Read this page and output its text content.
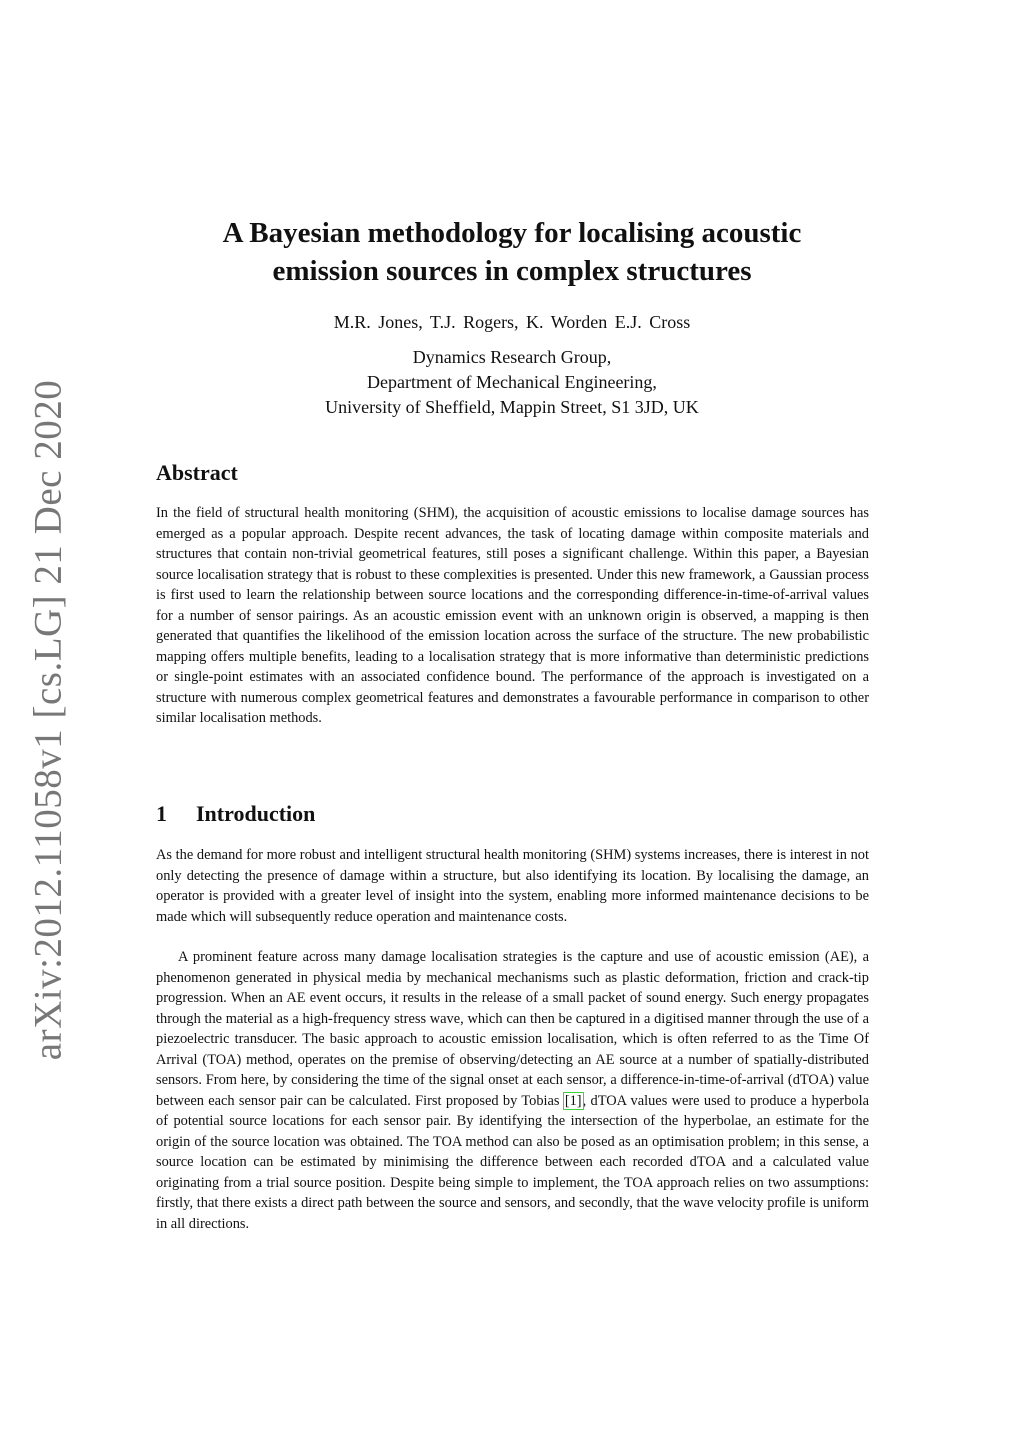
arXiv:2012.11058v1 [cs.LG] 21 Dec 2020
A Bayesian methodology for localising acoustic
emission sources in complex structures
M.R. Jones, T.J. Rogers, K. Worden E.J. Cross
Dynamics Research Group,
Department of Mechanical Engineering,
University of Sheffield, Mappin Street, S1 3JD, UK
Abstract

In the field of structural health monitoring (SHM), the acquisition of acoustic emissions to localise damage sources has emerged as a popular approach. Despite recent advances, the task of locating damage within composite materials and structures that contain non-trivial geometrical features, still poses a significant challenge. Within this paper, a Bayesian source localisation strategy that is robust to these complexities is presented. Under this new framework, a Gaussian process is first used to learn the relationship between source locations and the corresponding difference-in-time-of-arrival values for a number of sensor pairings. As an acoustic emission event with an unknown origin is observed, a mapping is then generated that quantifies the likelihood of the emission location across the surface of the structure. The new probabilistic mapping offers multiple benefits, leading to a localisation strategy that is more informative than deterministic predictions or single-point estimates with an associated confidence bound. The performance of the approach is investigated on a structure with numerous complex geometrical features and demonstrates a favourable performance in comparison to other similar localisation methods.

1 Introduction

As the demand for more robust and intelligent structural health monitoring (SHM) systems increases, there is interest in not only detecting the presence of damage within a structure, but also identifying its location. By localising the damage, an operator is provided with a greater level of insight into the system, enabling more informed maintenance decisions to be made which will subsequently reduce operation and maintenance costs.

A prominent feature across many damage localisation strategies is the capture and use of acoustic emission (AE), a phenomenon generated in physical media by mechanical mechanisms such as plastic deformation, friction and crack-tip progression. When an AE event occurs, it results in the release of a small packet of sound energy. Such energy propagates through the material as a high-frequency stress wave, which can then be captured in a digitised manner through the use of a piezoelectric transducer. The basic approach to acoustic emission localisation, which is often referred to as the Time Of Arrival (TOA) method, operates on the premise of observing/detecting an AE source at a number of spatially-distributed sensors. From here, by considering the time of the signal onset at each sensor, a difference-in-time-of-arrival (dTOA) value between each sensor pair can be calculated. First proposed by Tobias [1], dTOA values were used to produce a hyperbola of potential source locations for each sensor pair. By identifying the intersection of the hyperbolae, an estimate for the origin of the source location was obtained. The TOA method can also be posed as an optimisation problem; in this sense, a source location can be estimated by minimising the difference between each recorded dTOA and a calculated value originating from a trial source position. Despite being simple to implement, the TOA approach relies on two assumptions: firstly, that there exists a direct path between the source and sensors, and secondly, that the wave velocity profile is uniform in all directions.
